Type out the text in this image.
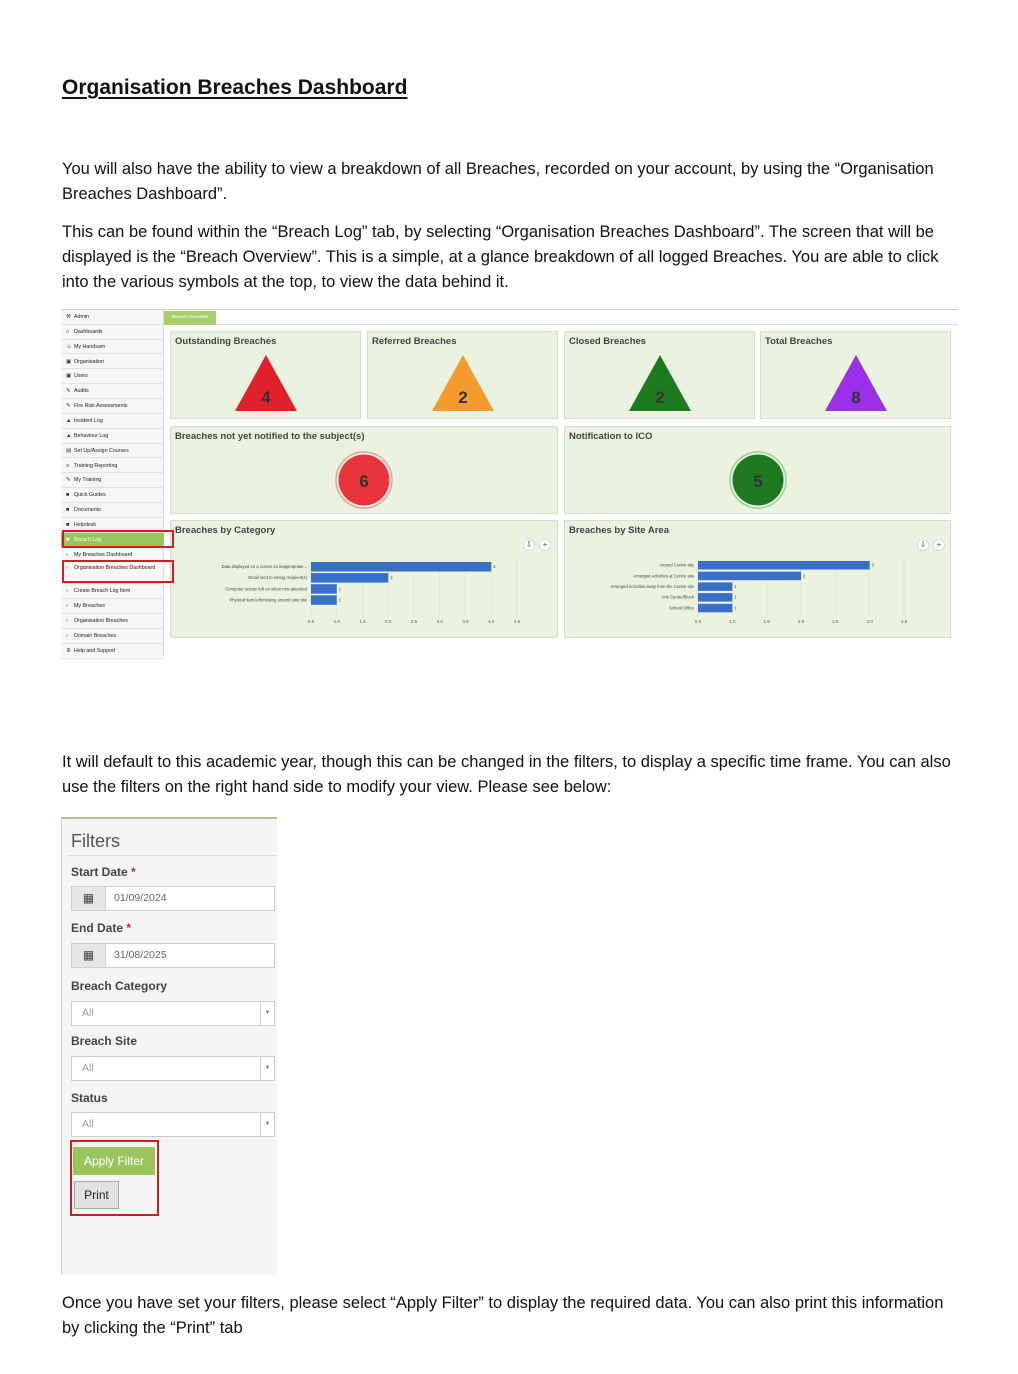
Organisation Breaches Dashboard

You will also have the ability to view a breakdown of all Breaches, recorded on your account, by using the “Organisation Breaches Dashboard”.

This can be found within the “Breach Log” tab, by selecting “Organisation Breaches Dashboard”. The screen that will be displayed is the “Breach Overview”. This is a simple, at a glance breakdown of all logged Breaches. You are able to click into the various symbols at the top, to view the data behind it.

⚒ Admin
⌂ Dashboards
☺ My Handsam
▣ Organisation
▣ Users
✎ Audits
✎ Fire Risk Assessments
▲ Incident Log
▲ Behaviour Log
▤ Set Up/Assign Courses
≡ Training Reporting
✎ My Training
■ Quick Guides
■ Documents
■ Helpdesk
■ Breach Log
› My Breaches Dashboard
› Organisation Breaches Dashboard
› Create Breach Log Item
› My Breaches
› Organisation Breaches
› Domain Breaches
⚙ Help and Support
Breach Overview
Outstanding Breaches
4
Referred Breaches
2
Closed Breaches
2
Total Breaches
8
Breaches not yet notified to the subject(s)
6
Notification to ICO
5
Breaches by Category
⇩	+
0.5	1.0	1.5	2.0	2.5	3.0	3.5	4.0	4.5
Data displayed on a screen so inappropriate...	4
Email sent to wrong recipient(s)	2
Computer screen left on when non-attended	1
Physical item left/missing around own site	1
Breaches by Site Area
⇩	+
0.5	1.0	1.5	2.0	2.5	3.0	3.5
Around Centre site	3
Arranged Activities at Centre site	2
Arranged Activities away from the Centre site	1
Arts Centre/Block	1
School Office	1

It will default to this academic year, though this can be changed in the filters, to display a specific time frame. You can also use the filters on the right hand side to modify your view. Please see below:

Filters
Start Date *
▦	01/09/2024
End Date *
▦	31/08/2025
Breach Category
All	▼
Breach Site
All	▼
Status
All	▼
Apply Filter
Print

Once you have set your filters, please select “Apply Filter” to display the required data. You can also print this information by clicking the “Print” tab
